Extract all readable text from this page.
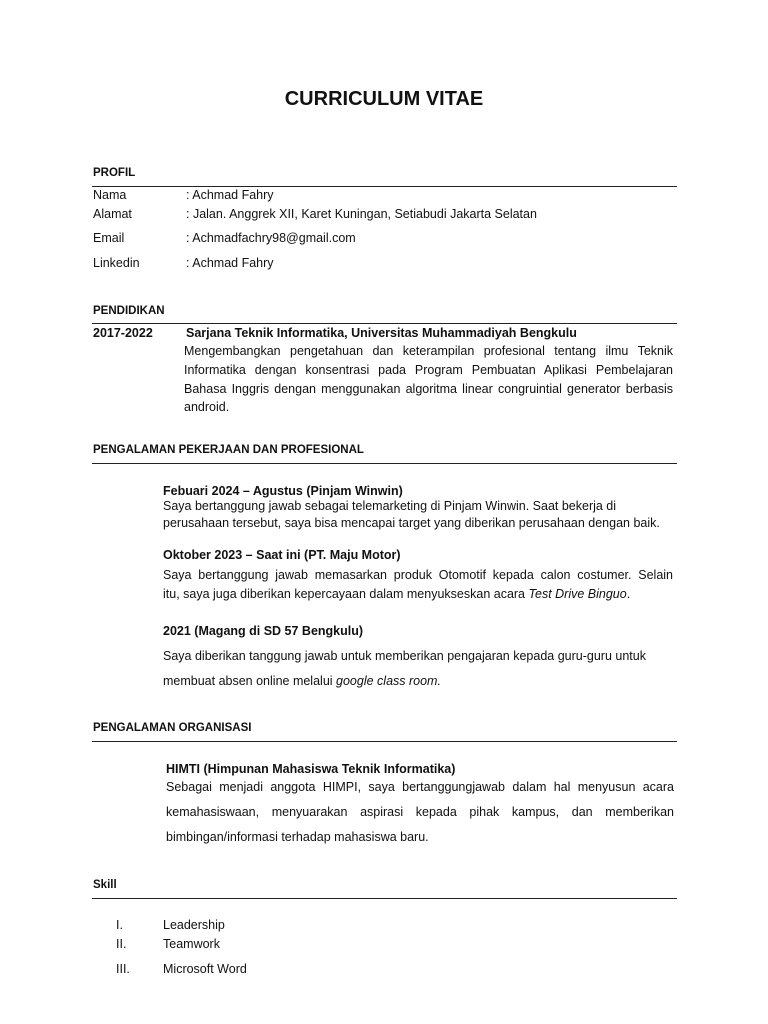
CURRICULUM VITAE
PROFIL
Nama	: Achmad Fahry
Alamat	: Jalan. Anggrek XII, Karet Kuningan, Setiabudi Jakarta Selatan
Email	: Achmadfachry98@gmail.com
Linkedin	: Achmad Fahry
PENDIDIKAN
2017-2022	Sarjana Teknik Informatika, Universitas Muhammadiyah Bengkulu
Mengembangkan pengetahuan dan keterampilan profesional tentang ilmu Teknik
Informatika dengan konsentrasi pada Program Pembuatan Aplikasi Pembelajaran
Bahasa Inggris dengan menggunakan algoritma linear congruintial generator berbasis
android.
PENGALAMAN PEKERJAAN DAN PROFESIONAL
Febuari 2024 – Agustus (Pinjam Winwin)
Saya bertanggung jawab sebagai telemarketing di Pinjam Winwin. Saat bekerja di
perusahaan tersebut, saya bisa mencapai target yang diberikan perusahaan dengan baik.
Oktober 2023 – Saat ini (PT. Maju Motor)
Saya bertanggung jawab memasarkan produk Otomotif kepada calon costumer. Selain
itu, saya juga diberikan kepercayaan dalam menyukseskan acara Test Drive Binguo.
2021 (Magang di SD 57 Bengkulu)
Saya diberikan tanggung jawab untuk memberikan pengajaran kepada guru-guru untuk
membuat absen online melalui google class room.
PENGALAMAN ORGANISASI
HIMTI (Himpunan Mahasiswa Teknik Informatika)
Sebagai menjadi anggota HIMPI, saya bertanggungjawab dalam hal menyusun acara
kemahasiswaan, menyuarakan aspirasi kepada pihak kampus, dan memberikan
bimbingan/informasi terhadap mahasiswa baru.
Skill
I.	Leadership
II.	Teamwork
III.	Microsoft Word
